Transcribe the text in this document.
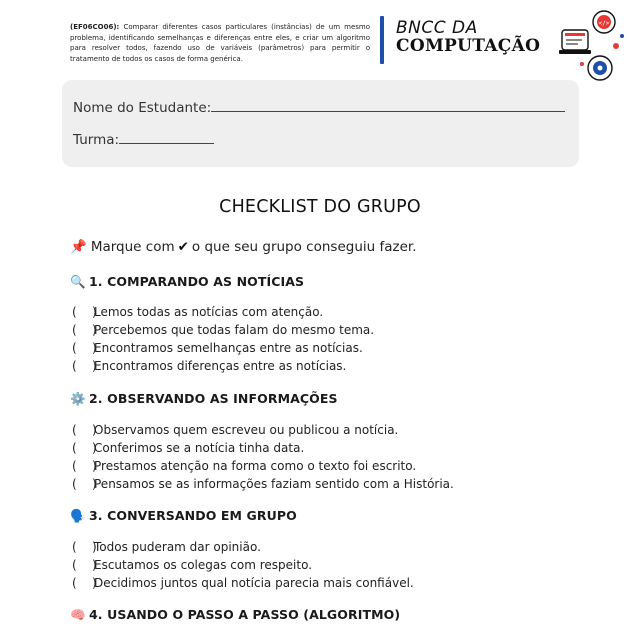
(EF06CO06): Comparar diferentes casos particulares (instâncias) de um mesmo problema, identificando semelhanças e diferenças entre eles, e criar um algoritmo para resolver todos, fazendo uso de variáveis (parâmetros) para permitir o tratamento de todos os casos de forma genérica.
BNCC DA
COMPUTAÇÃO
</>
Nome do Estudante:
Turma:
CHECKLIST DO GRUPO
📌 Marque com ✔ o que seu grupo conseguiu fazer.
🔍 1. COMPARANDO AS NOTÍCIAS
(    )Lemos todas as notícias com atenção.
(    )Percebemos que todas falam do mesmo tema.
(    )Encontramos semelhanças entre as notícias.
(    )Encontramos diferenças entre as notícias.
⚙️ 2. OBSERVANDO AS INFORMAÇÕES
(    )Observamos quem escreveu ou publicou a notícia.
(    )Conferimos se a notícia tinha data.
(    )Prestamos atenção na forma como o texto foi escrito.
(    )Pensamos se as informações faziam sentido com a História.
🗣️ 3. CONVERSANDO EM GRUPO
(    )Todos puderam dar opinião.
(    )Escutamos os colegas com respeito.
(    )Decidimos juntos qual notícia parecia mais confiável.
🧠 4. USANDO O PASSO A PASSO (ALGORITMO)
